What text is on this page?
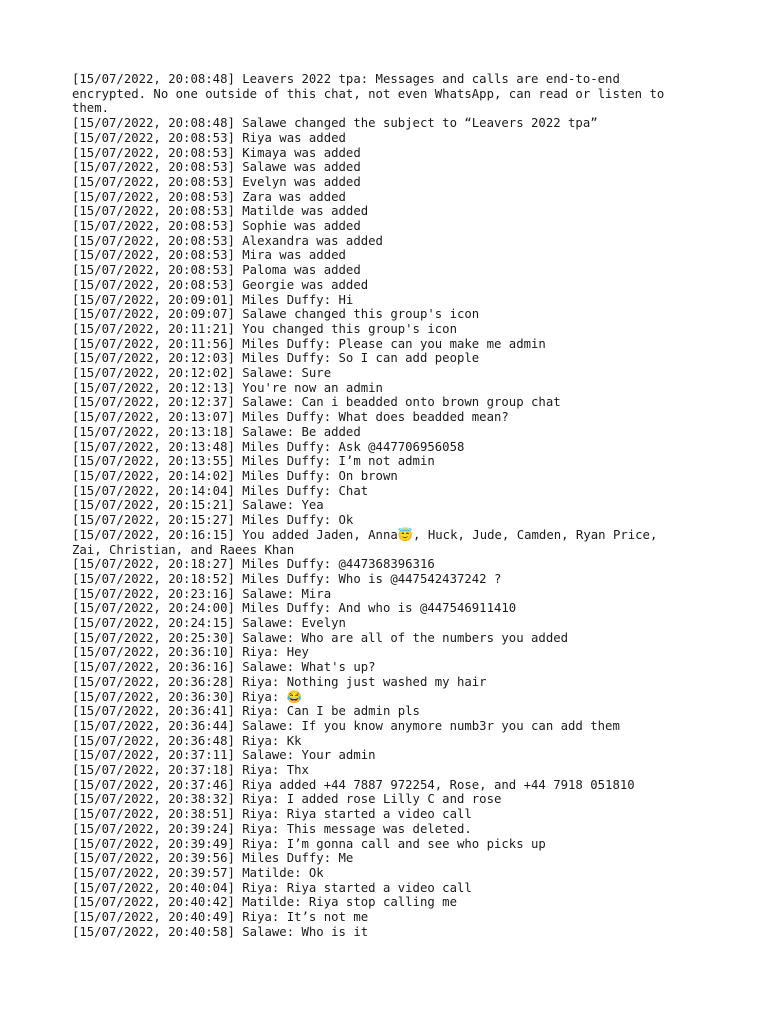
[15/07/2022, 20:08:48] Leavers 2022 tpa: Messages and calls are end-to-end encrypted. No one outside of this chat, not even WhatsApp, can read or listen to them.
[15/07/2022, 20:08:48] Salawe changed the subject to “Leavers 2022 tpa”
[15/07/2022, 20:08:53] Riya was added
[15/07/2022, 20:08:53] Kimaya was added
[15/07/2022, 20:08:53] Salawe was added
[15/07/2022, 20:08:53] Evelyn was added
[15/07/2022, 20:08:53] Zara was added
[15/07/2022, 20:08:53] Matilde was added
[15/07/2022, 20:08:53] Sophie was added
[15/07/2022, 20:08:53] Alexandra was added
[15/07/2022, 20:08:53] Mira was added
[15/07/2022, 20:08:53] Paloma was added
[15/07/2022, 20:08:53] Georgie was added
[15/07/2022, 20:09:01] Miles Duffy: Hi
[15/07/2022, 20:09:07] Salawe changed this group's icon
[15/07/2022, 20:11:21] You changed this group's icon
[15/07/2022, 20:11:56] Miles Duffy: Please can you make me admin
[15/07/2022, 20:12:03] Miles Duffy: So I can add people
[15/07/2022, 20:12:02] Salawe: Sure
[15/07/2022, 20:12:13] You're now an admin
[15/07/2022, 20:12:37] Salawe: Can i beadded onto brown group chat
[15/07/2022, 20:13:07] Miles Duffy: What does beadded mean?
[15/07/2022, 20:13:18] Salawe: Be added
[15/07/2022, 20:13:48] Miles Duffy: Ask @447706956058
[15/07/2022, 20:13:55] Miles Duffy: I’m not admin
[15/07/2022, 20:14:02] Miles Duffy: On brown
[15/07/2022, 20:14:04] Miles Duffy: Chat
[15/07/2022, 20:15:21] Salawe: Yea
[15/07/2022, 20:15:27] Miles Duffy: Ok
[15/07/2022, 20:16:15] You added Jaden, Anna😇, Huck, Jude, Camden, Ryan Price, Zai, Christian, and Raees Khan
[15/07/2022, 20:18:27] Miles Duffy: @447368396316
[15/07/2022, 20:18:52] Miles Duffy: Who is @447542437242 ?
[15/07/2022, 20:23:16] Salawe: Mira
[15/07/2022, 20:24:00] Miles Duffy: And who is @447546911410
[15/07/2022, 20:24:15] Salawe: Evelyn
[15/07/2022, 20:25:30] Salawe: Who are all of the numbers you added
[15/07/2022, 20:36:10] Riya: Hey
[15/07/2022, 20:36:16] Salawe: What's up?
[15/07/2022, 20:36:28] Riya: Nothing just washed my hair
[15/07/2022, 20:36:30] Riya: 😂
[15/07/2022, 20:36:41] Riya: Can I be admin pls
[15/07/2022, 20:36:44] Salawe: If you know anymore numb3r you can add them
[15/07/2022, 20:36:48] Riya: Kk
[15/07/2022, 20:37:11] Salawe: Your admin
[15/07/2022, 20:37:18] Riya: Thx
[15/07/2022, 20:37:46] Riya added +44 7887 972254, Rose, and +44 7918 051810
[15/07/2022, 20:38:32] Riya: I added rose Lilly C and rose
[15/07/2022, 20:38:51] Riya: Riya started a video call
[15/07/2022, 20:39:24] Riya: This message was deleted.
[15/07/2022, 20:39:49] Riya: I’m gonna call and see who picks up
[15/07/2022, 20:39:56] Miles Duffy: Me
[15/07/2022, 20:39:57] Matilde: Ok
[15/07/2022, 20:40:04] Riya: Riya started a video call
[15/07/2022, 20:40:42] Matilde: Riya stop calling me
[15/07/2022, 20:40:49] Riya: It’s not me
[15/07/2022, 20:40:58] Salawe: Who is it
